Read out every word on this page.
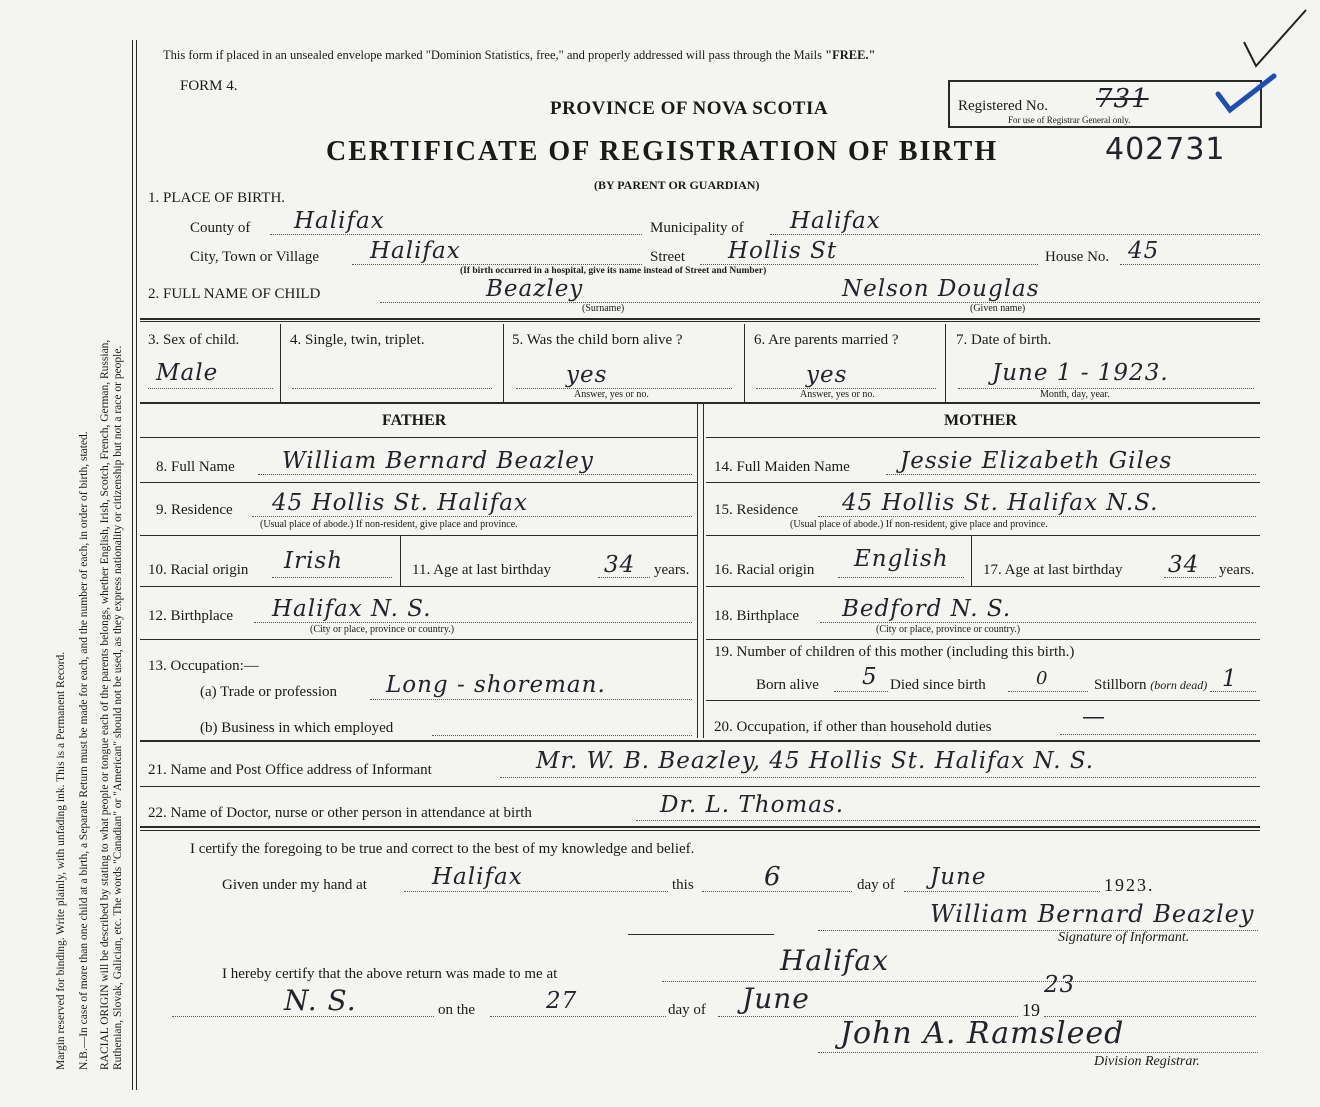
Margin reserved for binding. Write plainly, with unfading ink. This is a Permanent Record. N.B.—In case of more than one child at a birth, a Separate Return must be made for each, and the number of each, in order of birth, stated. RACIAL ORIGIN will be described by stating to what people or tongue each of the parents belongs, whether English, Irish, Scotch, French, German, Russian, Ruthenian, Slovak, Galician, etc. The words "Canadian" or "American" should not be used, as they express nationality or citizenship but not a race or people.
This form if placed in an unsealed envelope marked "Dominion Statistics, free," and properly addressed will pass through the Mails "FREE."
FORM 4.
PROVINCE OF NOVA SCOTIA	Registered No. 731
For use of Registrar General only.
CERTIFICATE OF REGISTRATION OF BIRTH	402731
(BY PARENT OR GUARDIAN)
1. PLACE OF BIRTH.
County of Halifax	Municipality of Halifax
City, Town or Village Halifax	Street Hollis St
(If birth occurred in a hospital, give its name instead of Street and Number)
House No. 45
2. FULL NAME OF CHILD	Beazley
(Surname)
Nelson Douglas
(Given name)
3. Sex of child.
Male
4. Single, twin, triplet.	5. Was the child born alive ?
yes
Answer, yes or no.
6. Are parents married ?
yes
Answer, yes or no.
7. Date of birth.
June 1 - 1923.
Month, day, year.
FATHER	MOTHER
8. Full Name William Bernard Beazley
9. Residence 45 Hollis St. Halifax
(Usual place of abode.) If non-resident, give place and province.
10. Racial origin Irish	11. Age at last birthday 34 years.
12. Birthplace Halifax N. S.
(City or place, province or country.)
13. Occupation:—
(a) Trade or profession Long - shoreman.
(b) Business in which employed
14. Full Maiden Name Jessie Elizabeth Giles
15. Residence 45 Hollis St. Halifax N.S.
(Usual place of abode.) If non-resident, give place and province.
16. Racial origin English 17. Age at last birthday 34 years.
18. Birthplace Bedford N. S.
(City or place, province or country.)
19. Number of children of this mother (including this birth.)
Born alive 5 Died since birth	0	Stillborn (born dead) 1
20. Occupation, if other than household duties	—
21. Name and Post Office address of Informant	Mr. W. B. Beazley, 45 Hollis St. Halifax N. S.
22. Name of Doctor, nurse or other person in attendance at birth	Dr. L. Thomas.
I certify the foregoing to be true and correct to the best of my knowledge and belief.
Given under my hand at	Halifax	this	6	day of June	1923.
William Bernard Beazley
Signature of Informant.
I hereby certify that the above return was made to me at	Halifax
N. S.	on the	27	day of June	19
23
John A. Ramsleed
Division Registrar.
